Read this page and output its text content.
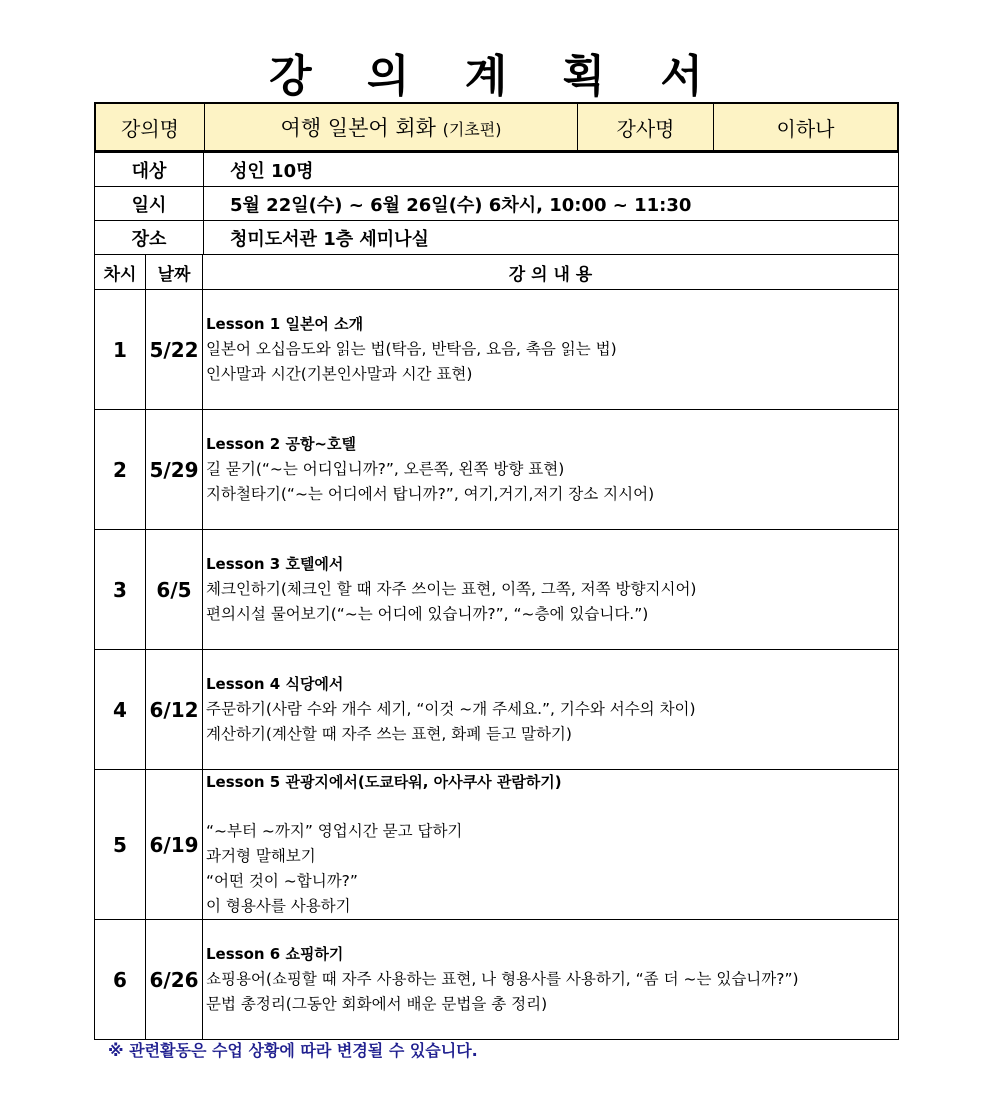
강 의 계 획 서
강의명	여행 일본어 회화 (기초편)	강사명	이하나
대상	성인 10명
일시	5월 22일(수) ~ 6월 26일(수) 6차시, 10:00 ~ 11:30
장소	청미도서관 1층 세미나실
차시	날짜	강 의 내 용
1	5/22	Lesson 1 일본어 소개
일본어 오십음도와 읽는 법(탁음, 반탁음, 요음, 촉음 읽는 법)
인사말과 시간(기본인사말과 시간 표현)

2	5/29	Lesson 2 공항~호텔
길 묻기(“~는 어디입니까?”, 오른쪽, 왼쪽 방향 표현)
지하철타기(“~는 어디에서 탑니까?”, 여기,거기,저기 장소 지시어)

3	6/5	Lesson 3 호텔에서
체크인하기(체크인 할 때 자주 쓰이는 표현, 이쪽, 그쪽, 저쪽 방향지시어)
편의시설 물어보기(“~는 어디에 있습니까?”, “~층에 있습니다.”)

4	6/12	Lesson 4 식당에서
주문하기(사람 수와 개수 세기, “이것 ~개 주세요.”, 기수와 서수의 차이)
계산하기(계산할 때 자주 쓰는 표현, 화폐 듣고 말하기)

5	6/19	Lesson 5 관광지에서(도쿄타워, 아사쿠사 관람하기)
“~부터 ~까지” 영업시간 묻고 답하기
과거형 말해보기
“어떤 것이 ~합니까?”
이 형용사를 사용하기

6	6/26	Lesson 6 쇼핑하기
쇼핑용어(쇼핑할 때 자주 사용하는 표현, 나 형용사를 사용하기, “좀 더 ~는 있습니까?”)
문법 총정리(그동안 회화에서 배운 문법을 총 정리)
※ 관련활동은 수업 상황에 따라 변경될 수 있습니다.
